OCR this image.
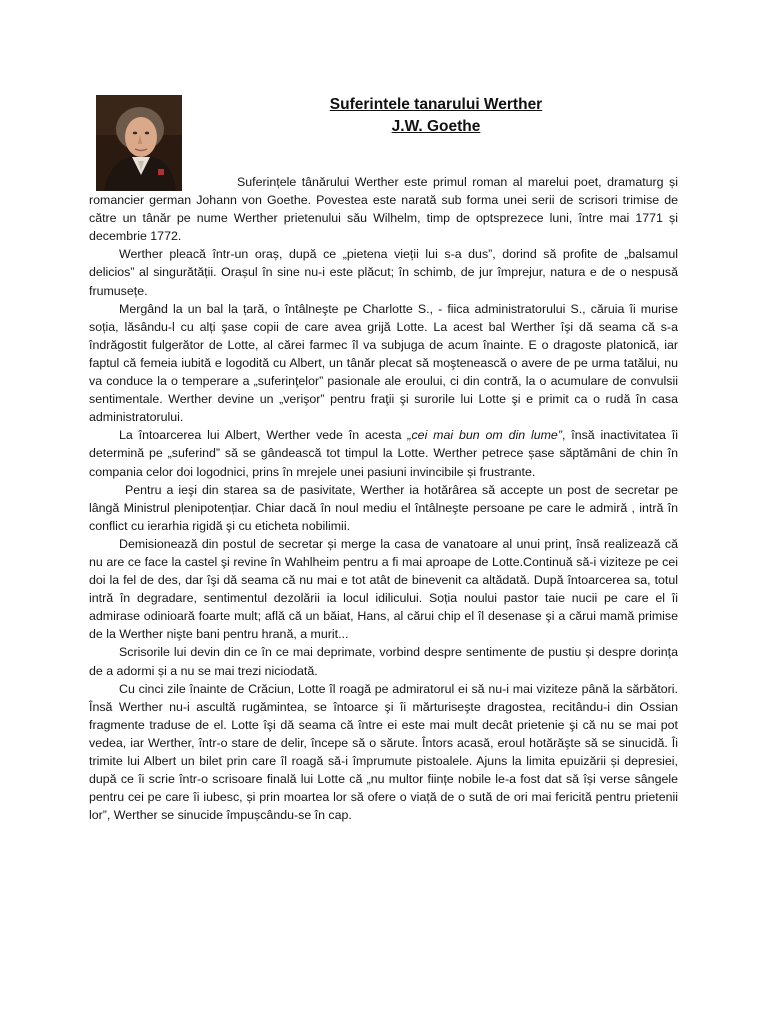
Suferintele tanarului Werther
J.W. Goethe

Suferințele tânărului Werther este primul roman al marelui poet, dramaturg și romancier german Johann von Goethe. Povestea este narată sub forma unei serii de scrisori trimise de către un tânăr pe nume Werther prietenului său Wilhelm, timp de optsprezece luni, între mai 1771 și decembrie 1772.

Werther pleacă într-un oraș, după ce „pietena vieții lui s-a dus”, dorind să profite de „balsamul delicios” al singurătății. Orașul în sine nu-i este plăcut; în schimb, de jur împrejur, natura e de o nespusă frumusețe.

Mergând la un bal la țară, o întâlneşte pe Charlotte S., - fiica administratorului S., căruia îi murise soția, lăsându-l cu alți şase copii de care avea grijă Lotte. La acest bal Werther îşi dă seama că s-a îndrăgostit fulgerător de Lotte, al cărei farmec îl va subjuga de acum înainte. E o dragoste platonică, iar faptul că femeia iubită e logodită cu Albert, un tânăr plecat să moştenească o avere de pe urma tatălui, nu va conduce la o temperare a „suferinţelor” pasionale ale eroului, ci din contră, la o acumulare de convulsii sentimentale. Werther devine un „verişor” pentru fraţii şi surorile lui Lotte şi e primit ca o rudă în casa administratorului.

La întoarcerea lui Albert, Werther vede în acesta „cei mai bun om din lume”, însă inactivitatea îi determină pe „suferind” să se gândească tot timpul la Lotte. Werther petrece șase săptămâni de chin în compania celor doi logodnici, prins în mrejele unei pasiuni invincibile și frustrante.

Pentru a ieşi din starea sa de pasivitate, Werther ia hotărârea să accepte un post de secretar pe lângă Ministrul plenipotențiar. Chiar dacă în noul mediu el întâlneşte persoane pe care le admiră , intră în conflict cu ierarhia rigidă şi cu eticheta nobilimii.

Demisionează din postul de secretar și merge la casa de vanatoare al unui prinț, însă realizează că nu are ce face la castel şi revine în Wahlheim pentru a fi mai aproape de Lotte.Continuă să-i viziteze pe cei doi la fel de des, dar îşi dă seama că nu mai e tot atât de binevenit ca altădată. După întoarcerea sa, totul intră în degradare, sentimentul dezolării ia locul idilicului. Soția noului pastor taie nucii pe care el îi admirase odinioară foarte mult; află că un băiat, Hans, al cărui chip el îl desenase şi a cărui mamă primise de la Werther nişte bani pentru hrană, a murit...

Scrisorile lui devin din ce în ce mai deprimate, vorbind despre sentimente de pustiu și despre dorința de a adormi și a nu se mai trezi niciodată.

Cu cinci zile înainte de Crăciun, Lotte îl roagă pe admiratorul ei să nu-i mai viziteze până la sărbători. Însă Werther nu-i ascultă rugămintea, se întoarce şi îi mărturiseşte dragostea, recitându-i din Ossian fragmente traduse de el. Lotte îşi dă seama că între ei este mai mult decât prietenie şi că nu se mai pot vedea, iar Werther, într-o stare de delir, începe să o sărute. Întors acasă, eroul hotărăşte să se sinucidă. Îi trimite lui Albert un bilet prin care îl roagă să-i împrumute pistoalele. Ajuns la limita epuizării și depresiei, după ce îi scrie într-o scrisoare finală lui Lotte că „nu multor ființe nobile le-a fost dat să își verse sângele pentru cei pe care îi iubesc, și prin moartea lor să ofere o viață de o sută de ori mai fericită pentru prietenii lor”, Werther se sinucide împușcându-se în cap.
